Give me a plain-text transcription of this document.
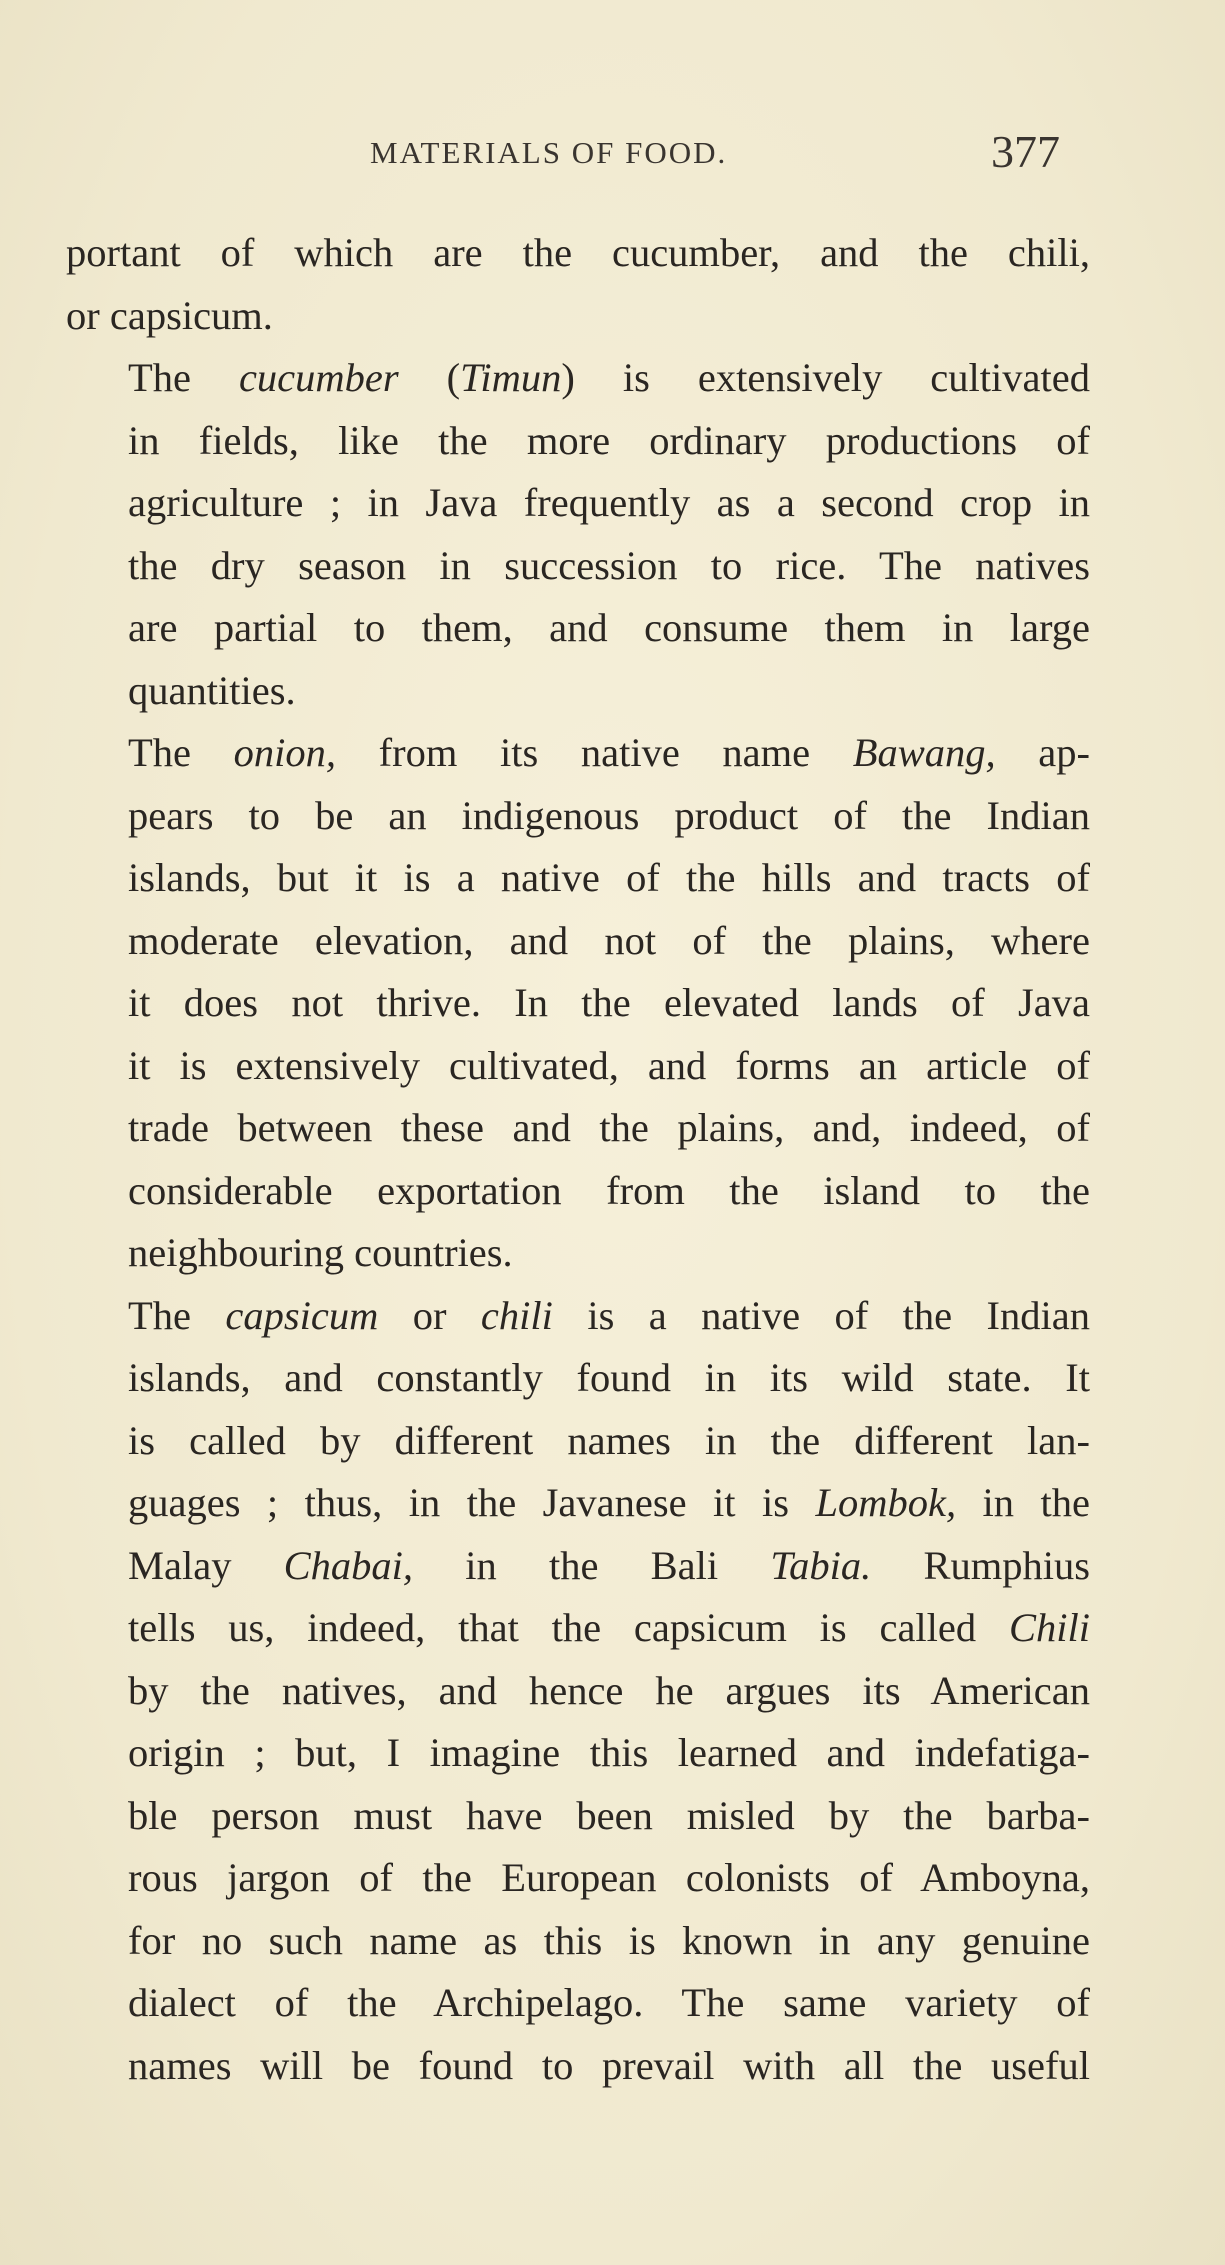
MATERIALS OF FOOD.	377

portant of which are the cucumber, and the chili,
or capsicum.

The cucumber (Timun) is extensively cultivated
in fields, like the more ordinary productions of
agriculture ; in Java frequently as a second crop in
the dry season in succession to rice. The natives
are partial to them, and consume them in large
quantities.

The onion, from its native name Bawang, ap-
pears to be an indigenous product of the Indian
islands, but it is a native of the hills and tracts of
moderate elevation, and not of the plains, where
it does not thrive. In the elevated lands of Java
it is extensively cultivated, and forms an article of
trade between these and the plains, and, indeed, of
considerable exportation from the island to the
neighbouring countries.

The capsicum or chili is a native of the Indian
islands, and constantly found in its wild state. It
is called by different names in the different lan-
guages ; thus, in the Javanese it is Lombok, in the
Malay Chabai, in the Bali Tabia. Rumphius
tells us, indeed, that the capsicum is called Chili
by the natives, and hence he argues its American
origin ; but, I imagine this learned and indefatiga-
ble person must have been misled by the barba-
rous jargon of the European colonists of Amboyna,
for no such name as this is known in any genuine
dialect of the Archipelago. The same variety of
names will be found to prevail with all the useful
